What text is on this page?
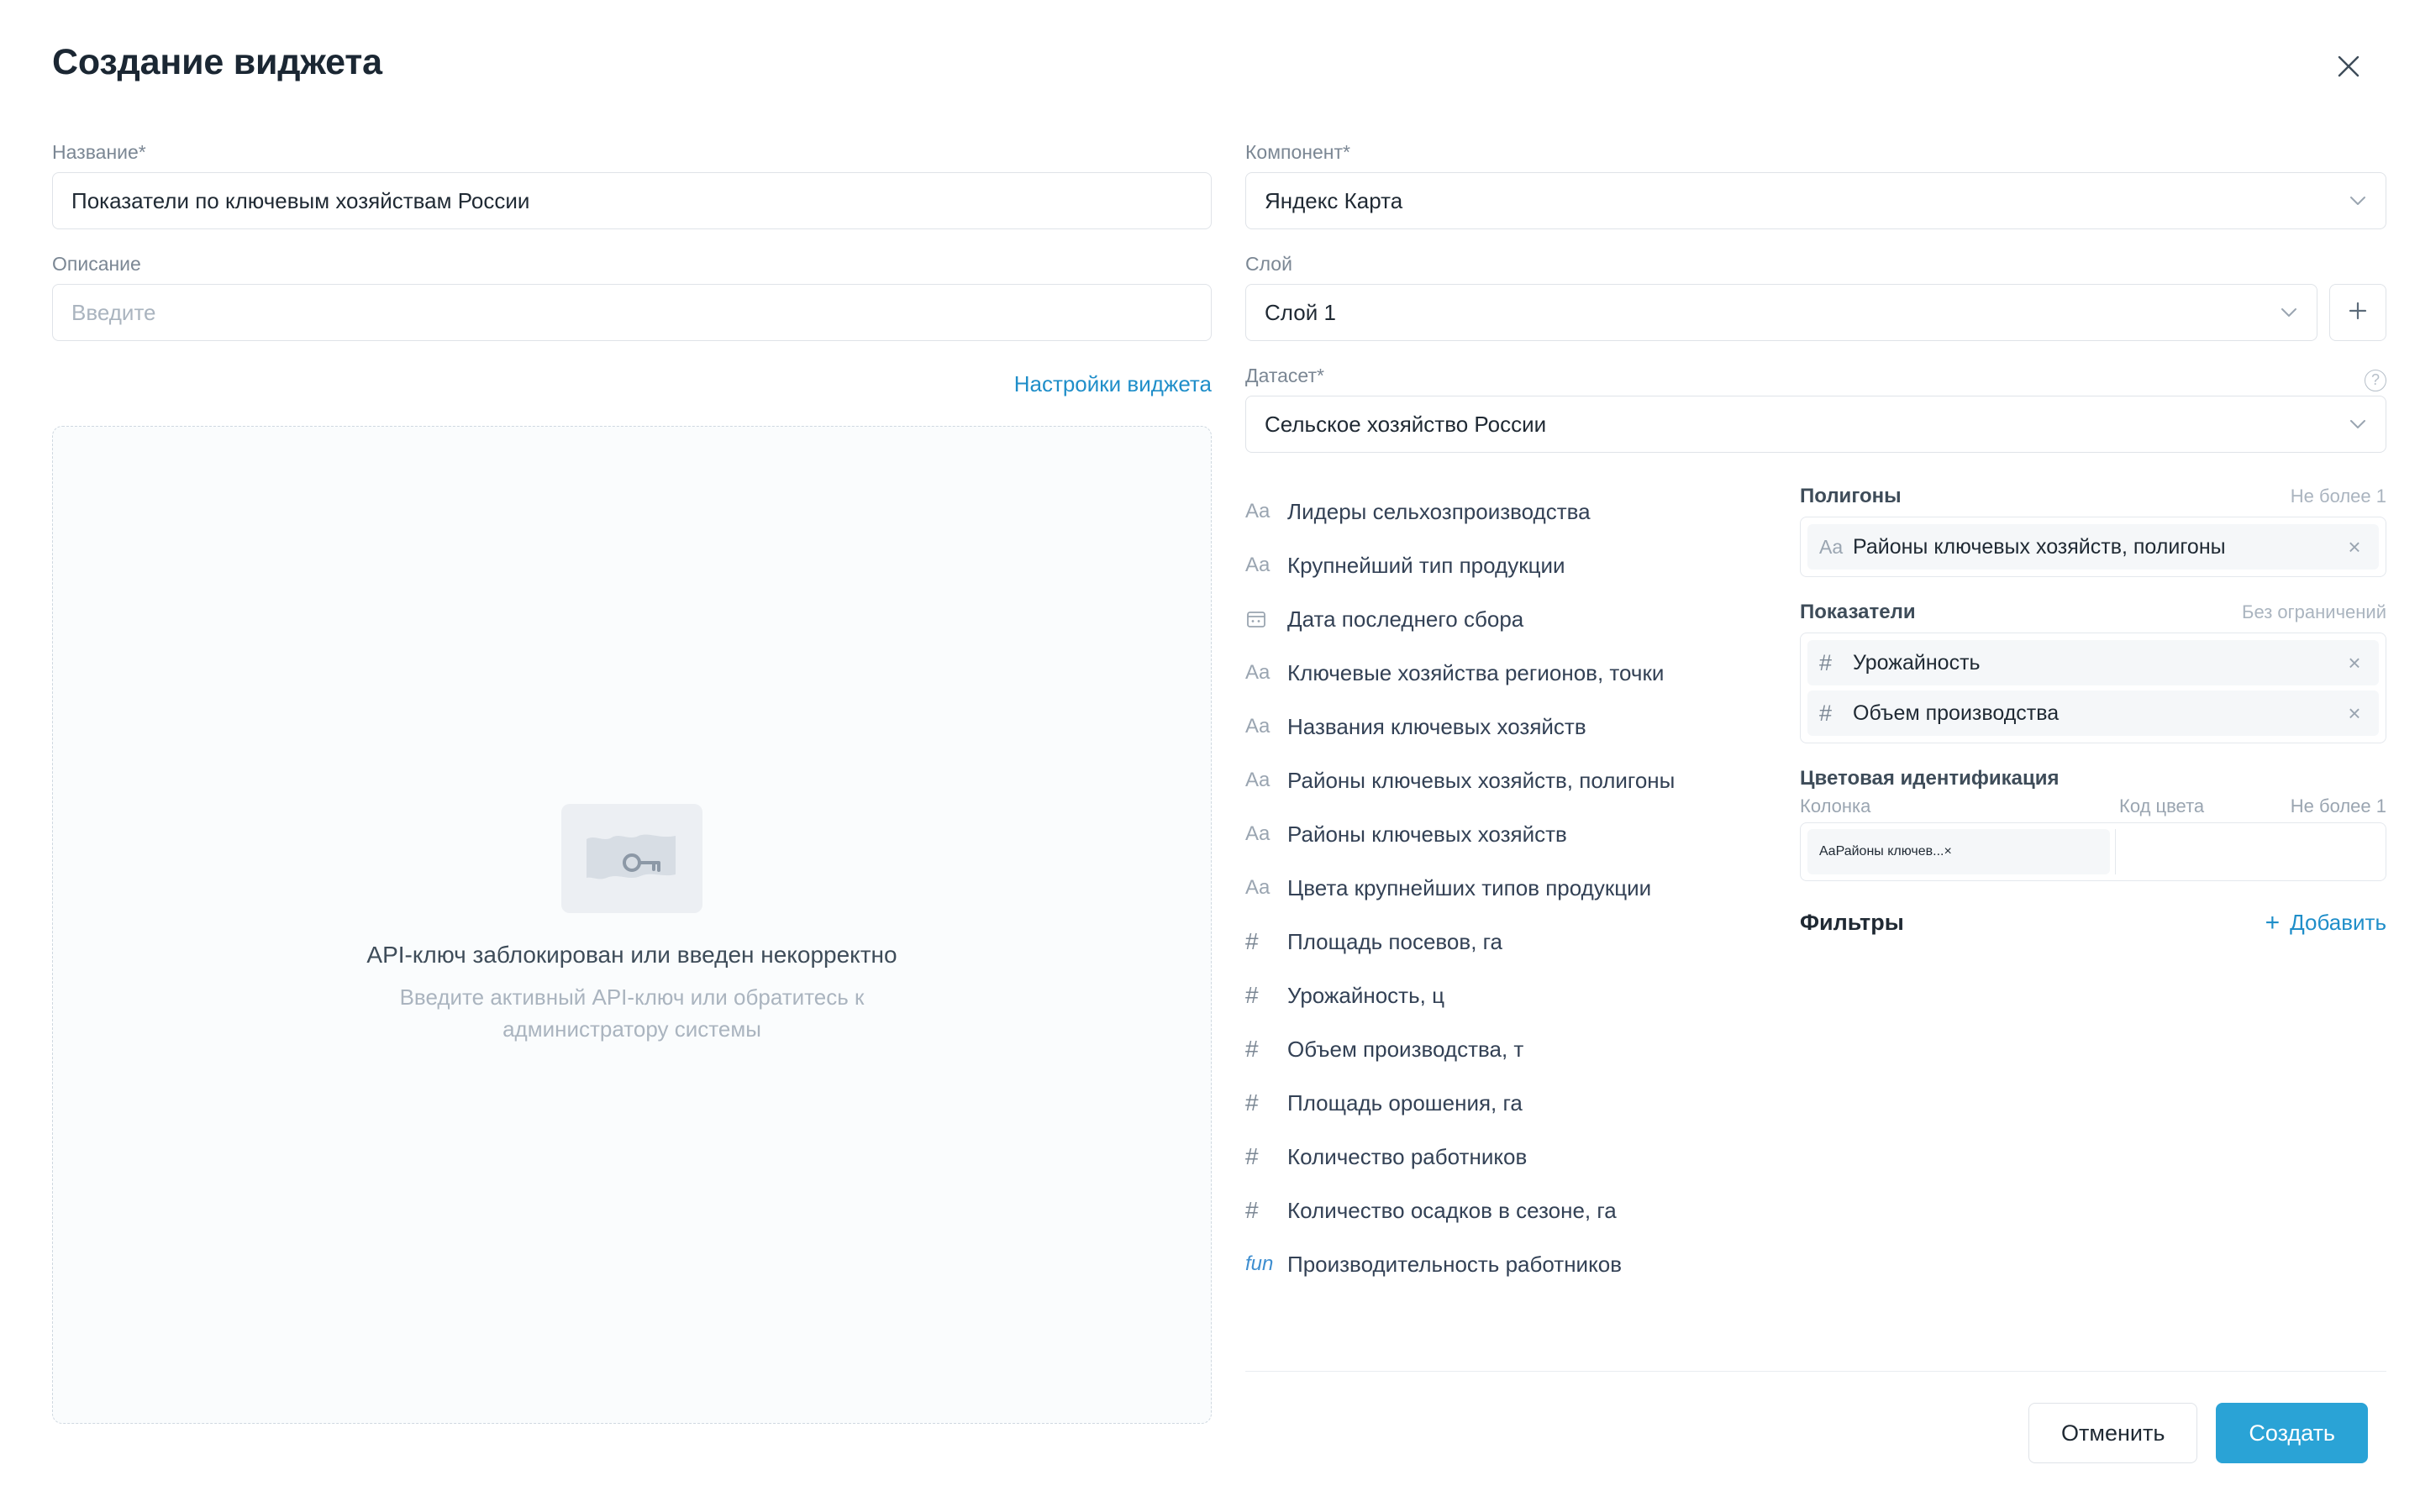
Создание виджета
Название*
Показатели по ключевым хозяйствам России
Описание
Введите
Настройки виджета

API-ключ заблокирован или введен некорректно

Введите активный API-ключ или обратитесь к администратору системы

Компонент*
Яндекс Карта
Слой
Слой 1
Датасет*	?
Сельское хозяйство России
Aa Лидеры сельхозпроизводства
Aa Крупнейший тип продукции
Дата последнего сбора
Aa Ключевые хозяйства регионов, точки
Aa Названия ключевых хозяйств
Aa Районы ключевых хозяйств, полигоны
Aa Районы ключевых хозяйств
Aa Цвета крупнейших типов продукции
#	Площадь посевов, га
#	Урожайность, ц
#	Объем производства, т
#	Площадь орошения, га
#	Количество работников
#	Количество осадков в сезоне, га
fun Производительность работников
Полигоны	Не более 1
Aa Районы ключевых хозяйств, полигоны	×
Показатели	Без ограничений
# Урожайность	×
# Объем производства	×
Цветовая идентификация
Колонка	Код цвета	Не более 1
Aa Районы ключев... ×
Фильтры	+ Добавить
Отменить	Создать
